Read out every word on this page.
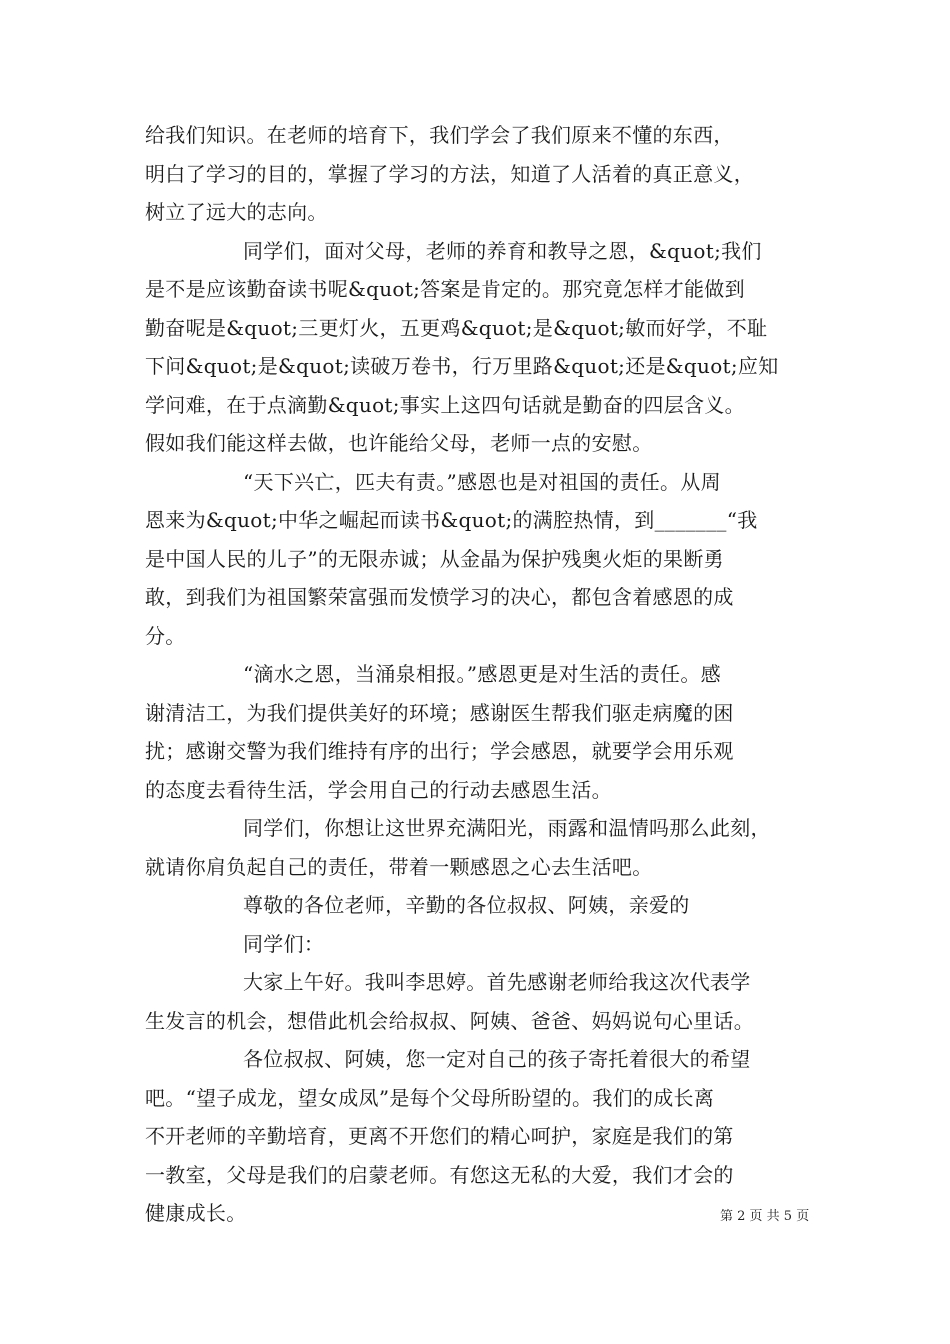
给我们知识。在老师的培育下，我们学会了我们原来不懂的东西，
明白了学习的目的，掌握了学习的方法，知道了人活着的真正意义，
树立了远大的志向。
同学们，面对父母，老师的养育和教导之恩，&quot;我们
是不是应该勤奋读书呢&quot;答案是肯定的。那究竟怎样才能做到
勤奋呢是&quot;三更灯火，五更鸡&quot;是&quot;敏而好学，不耻
下问&quot;是&quot;读破万卷书，行万里路&quot;还是&quot;应知
学问难，在于点滴勤&quot;事实上这四句话就是勤奋的四层含义。
假如我们能这样去做，也许能给父母，老师一点的安慰。
“天下兴亡，匹夫有责。”感恩也是对祖国的责任。从周
恩来为&quot;中华之崛起而读书&quot;的满腔热情，到_______“我
是中国人民的儿子”的无限赤诚；从金晶为保护残奥火炬的果断勇
敢，到我们为祖国繁荣富强而发愤学习的决心，都包含着感恩的成
分。
“滴水之恩，当涌泉相报。”感恩更是对生活的责任。感
谢清洁工，为我们提供美好的环境；感谢医生帮我们驱走病魔的困
扰；感谢交警为我们维持有序的出行；学会感恩，就要学会用乐观
的态度去看待生活，学会用自己的行动去感恩生活。
同学们，你想让这世界充满阳光，雨露和温情吗那么此刻，
就请你肩负起自己的责任，带着一颗感恩之心去生活吧。
尊敬的各位老师，辛勤的各位叔叔、阿姨，亲爱的
同学们：
大家上午好。我叫李思婷。首先感谢老师给我这次代表学
生发言的机会，想借此机会给叔叔、阿姨、爸爸、妈妈说句心里话。
各位叔叔、阿姨，您一定对自己的孩子寄托着很大的希望
吧。“望子成龙，望女成凤”是每个父母所盼望的。我们的成长离
不开老师的辛勤培育，更离不开您们的精心呵护，家庭是我们的第
一教室，父母是我们的启蒙老师。有您这无私的大爱，我们才会的
健康成长。	第 2 页 共 5 页
